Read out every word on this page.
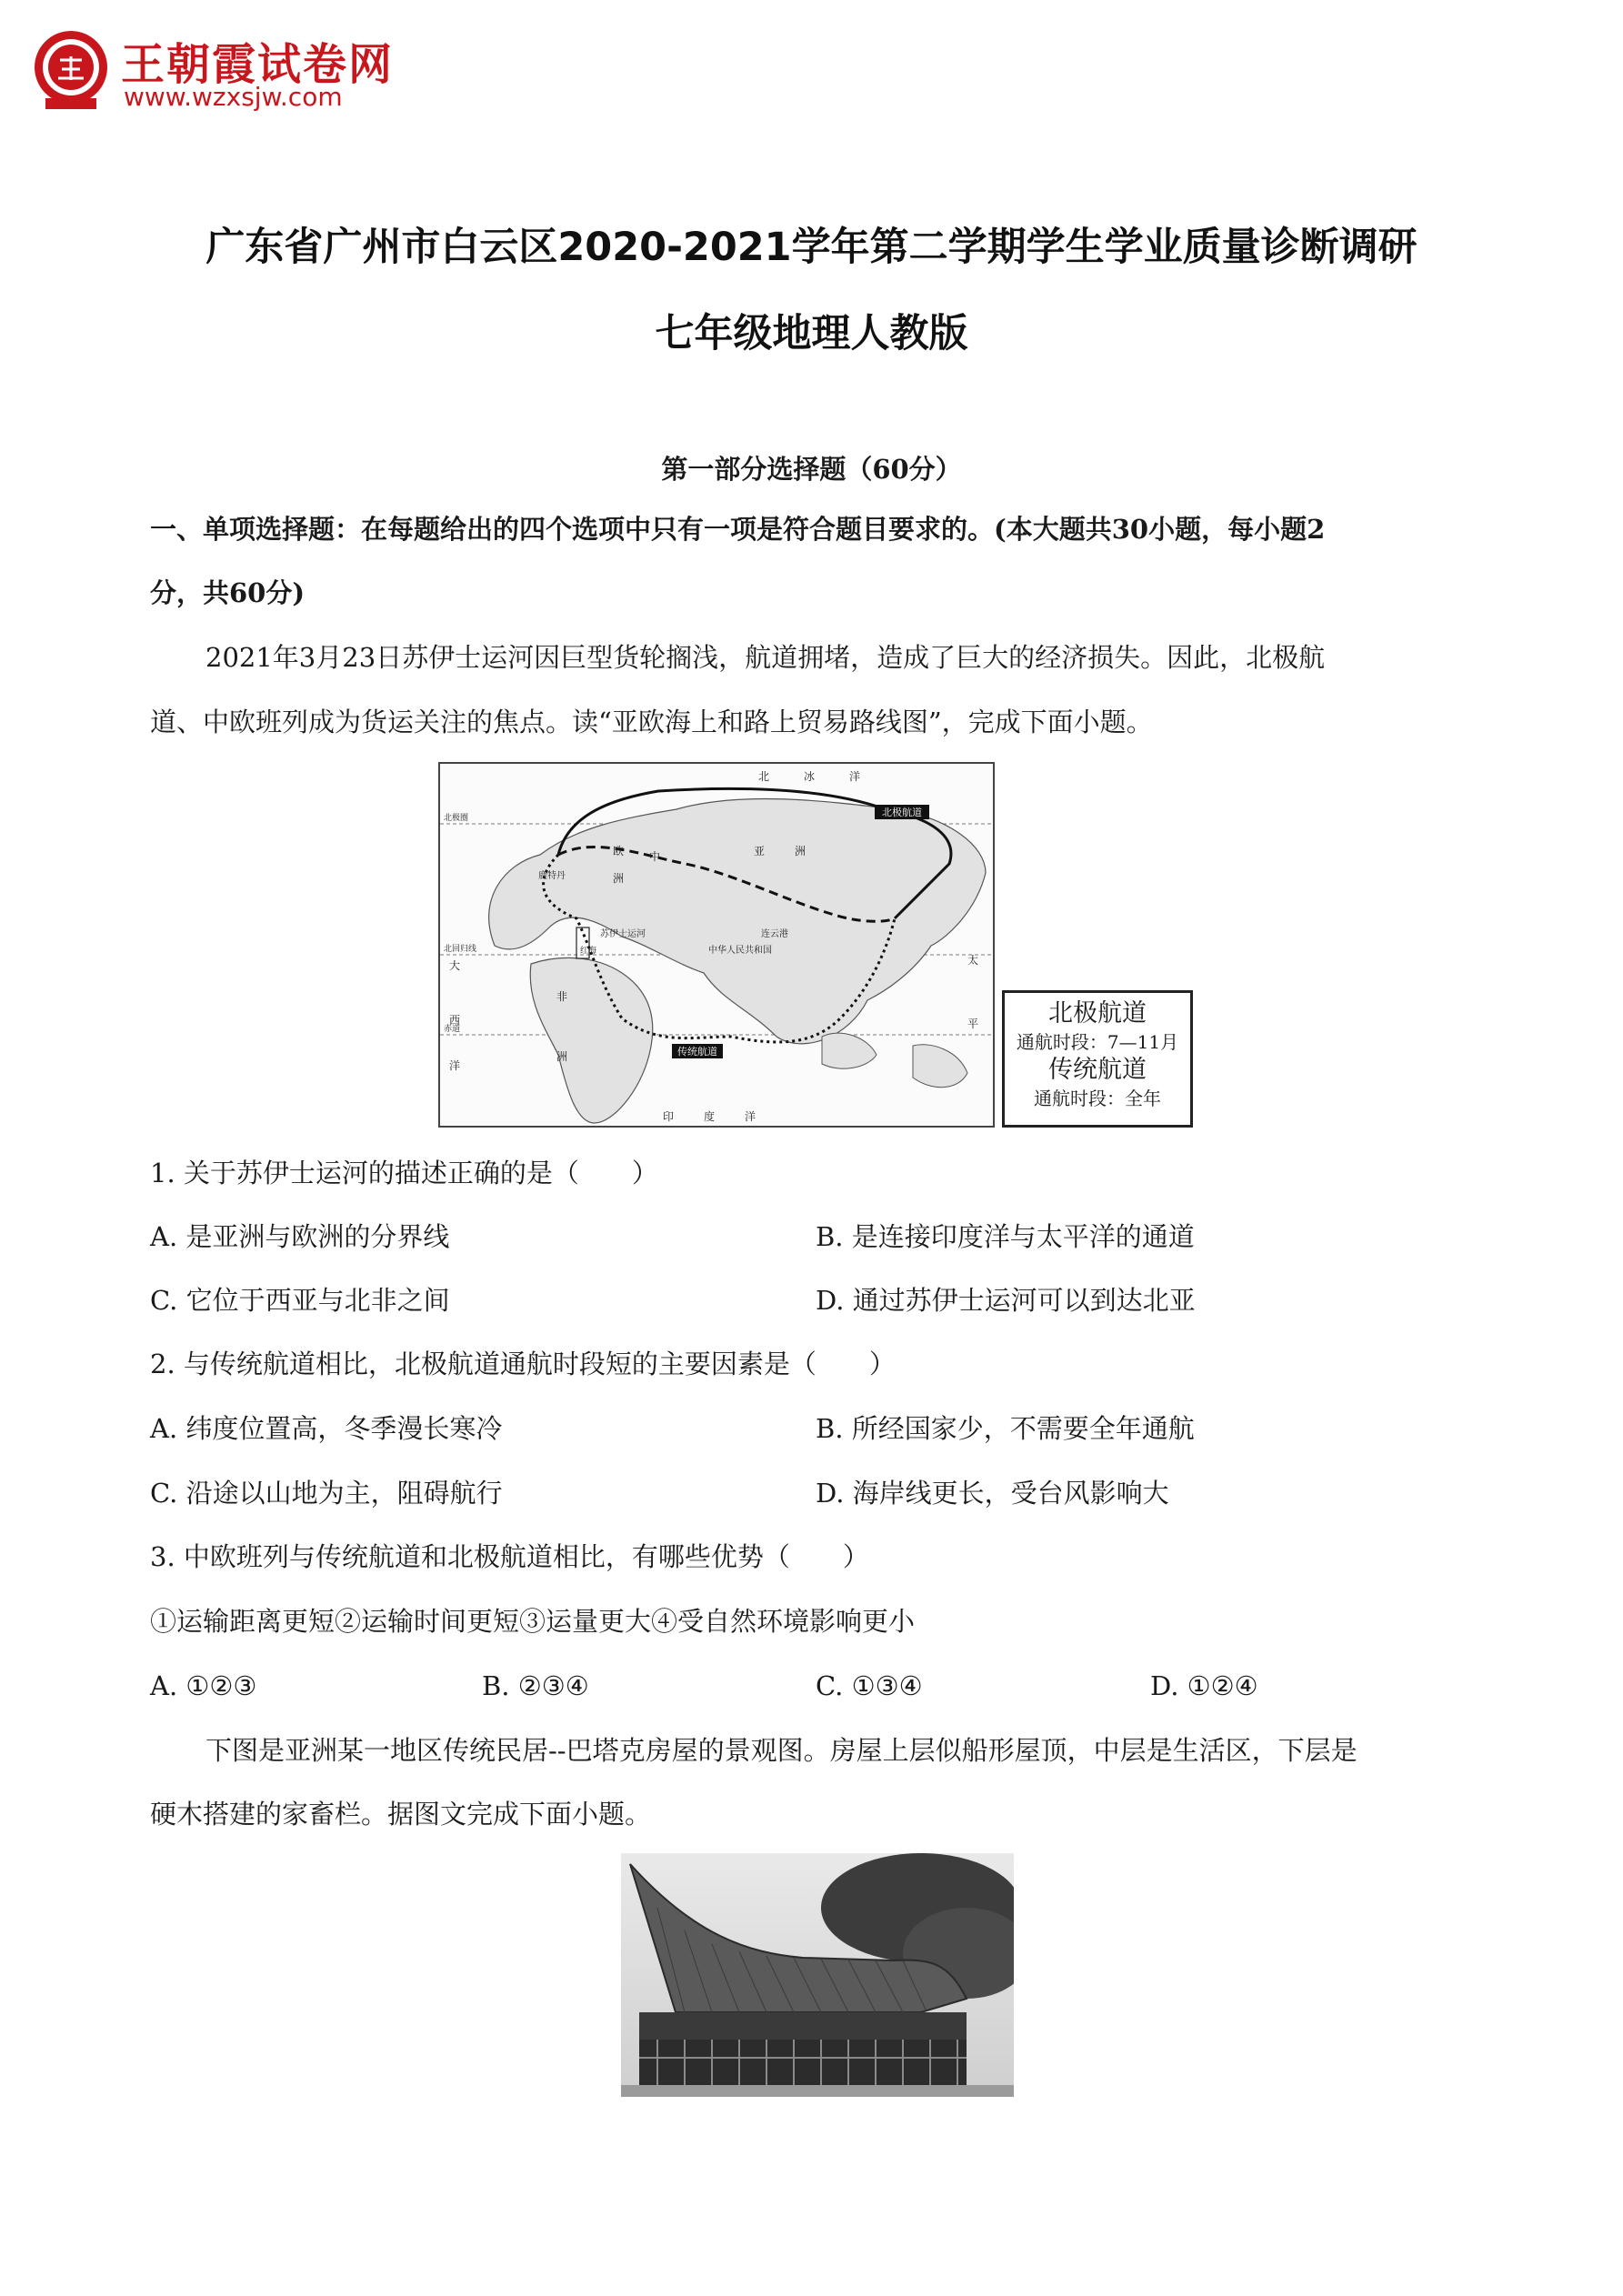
王朝霞试卷网
www.wzxsjw.com
广东省广州市白云区2020-2021学年第二学期学生学业质量诊断调研
七年级地理人教版
第一部分选择题（60分）
一、单项选择题：在每题给出的四个选项中只有一项是符合题目要求的。(本大题共30小题，每小题2
分，共60分)
2021年3月23日苏伊士运河因巨型货轮搁浅，航道拥堵，造成了巨大的经济损失。因此，北极航
道、中欧班列成为货运关注的焦点。读“亚欧海上和路上贸易路线图”，完成下面小题。
北极航道
传统航道
北	冰	洋
北极圈
北回归线
赤道
欧
洲
中	亚	洲
鹿特丹
苏伊士运河
红海
连云港
中华人民共和国
非
洲
大
西
洋
太
平
印	度	洋
北极航道
通航时段：7—11月
传统航道
通航时段：全年
1. 关于苏伊士运河的描述正确的是（　　）
A. 是亚洲与欧洲的分界线	B. 是连接印度洋与太平洋的通道
C. 它位于西亚与北非之间	D. 通过苏伊士运河可以到达北亚
2. 与传统航道相比，北极航道通航时段短的主要因素是（　　）
A. 纬度位置高，冬季漫长寒冷	B. 所经国家少，不需要全年通航
C. 沿途以山地为主，阻碍航行	D. 海岸线更长，受台风影响大
3. 中欧班列与传统航道和北极航道相比，有哪些优势（　　）
①运输距离更短②运输时间更短③运量更大④受自然环境影响更小
A. ①②③	B. ②③④	C. ①③④	D. ①②④
下图是亚洲某一地区传统民居--巴塔克房屋的景观图。房屋上层似船形屋顶，中层是生活区，下层是
硬木搭建的家畜栏。据图文完成下面小题。
